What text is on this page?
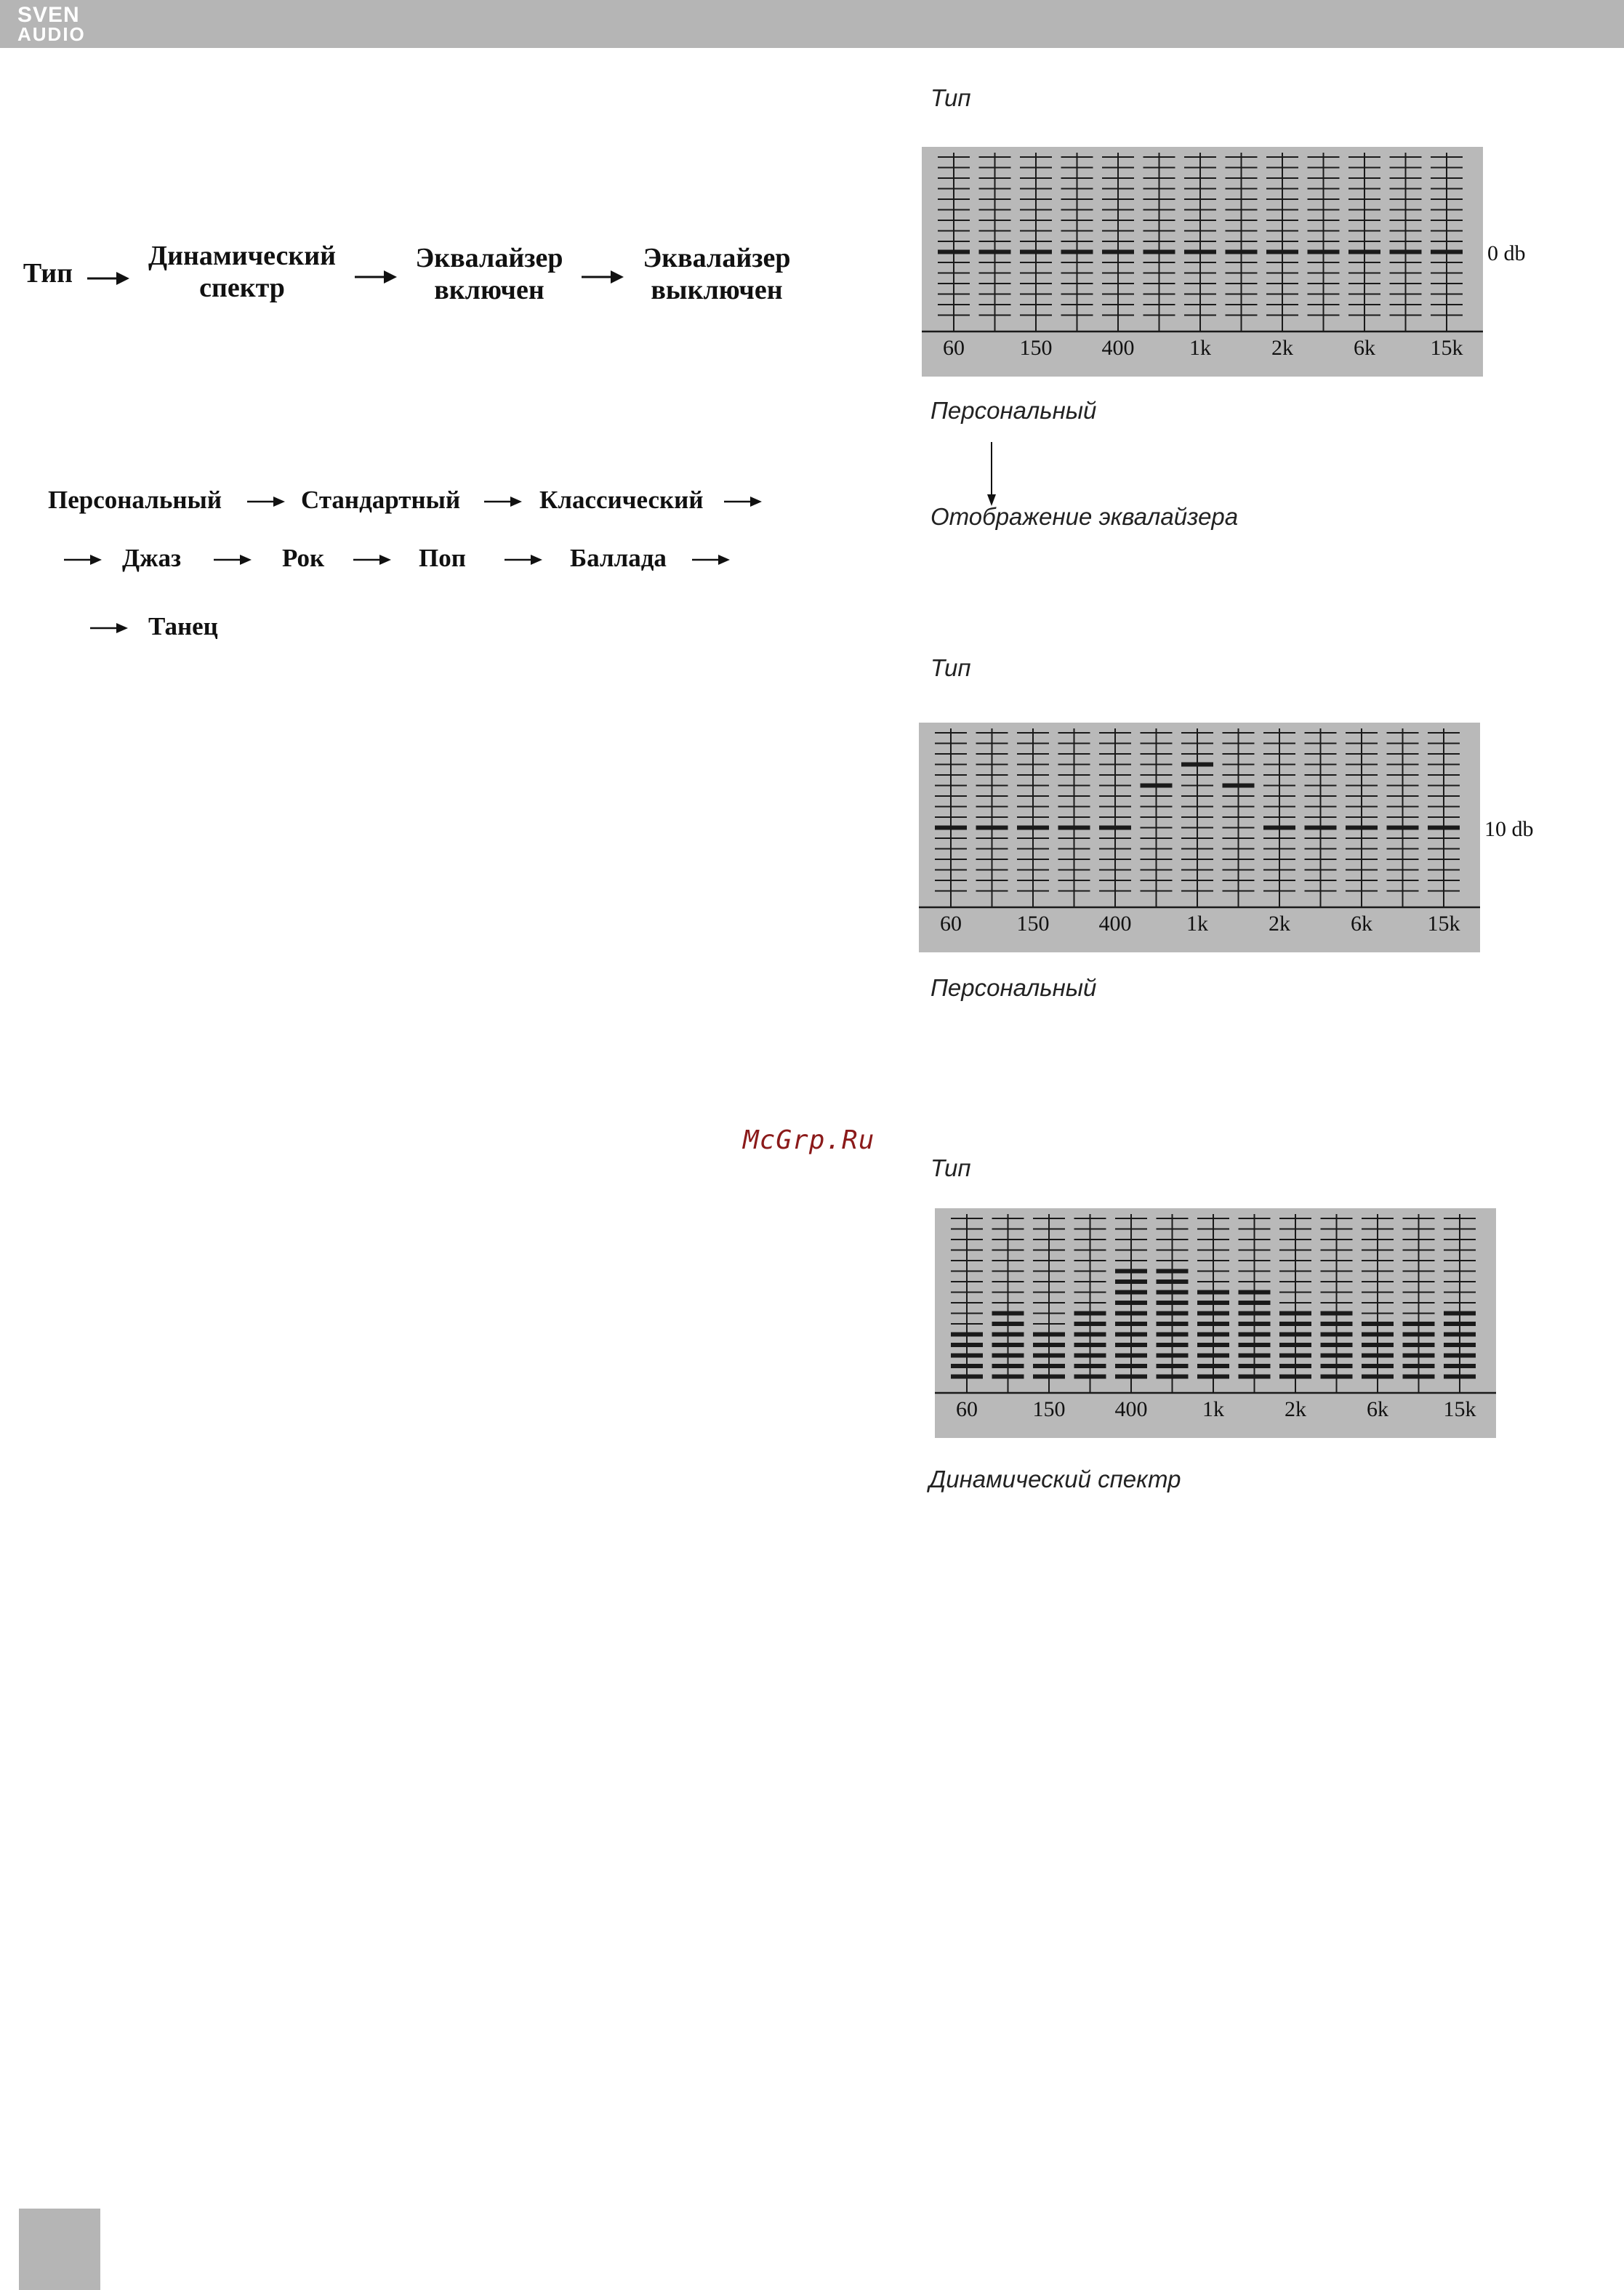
SVEN
AUDIO
Тип
Динамический
спектр
Эквалайзер
включен
Эквалайзер
выключен
Персональный	Стандартный	Классический
Джаз	Рок	Поп	Баллада
Танец
McGrp.Ru
Тип
60	150 400	1k	2k	6k	15k
0 db
Персональный
Отображение эквалайзера
Тип
60	150 400	1k	2k	6k	15k
10 db
Персональный
Тип
60	150 400	1k	2k	6k	15k
Динамический спектр
